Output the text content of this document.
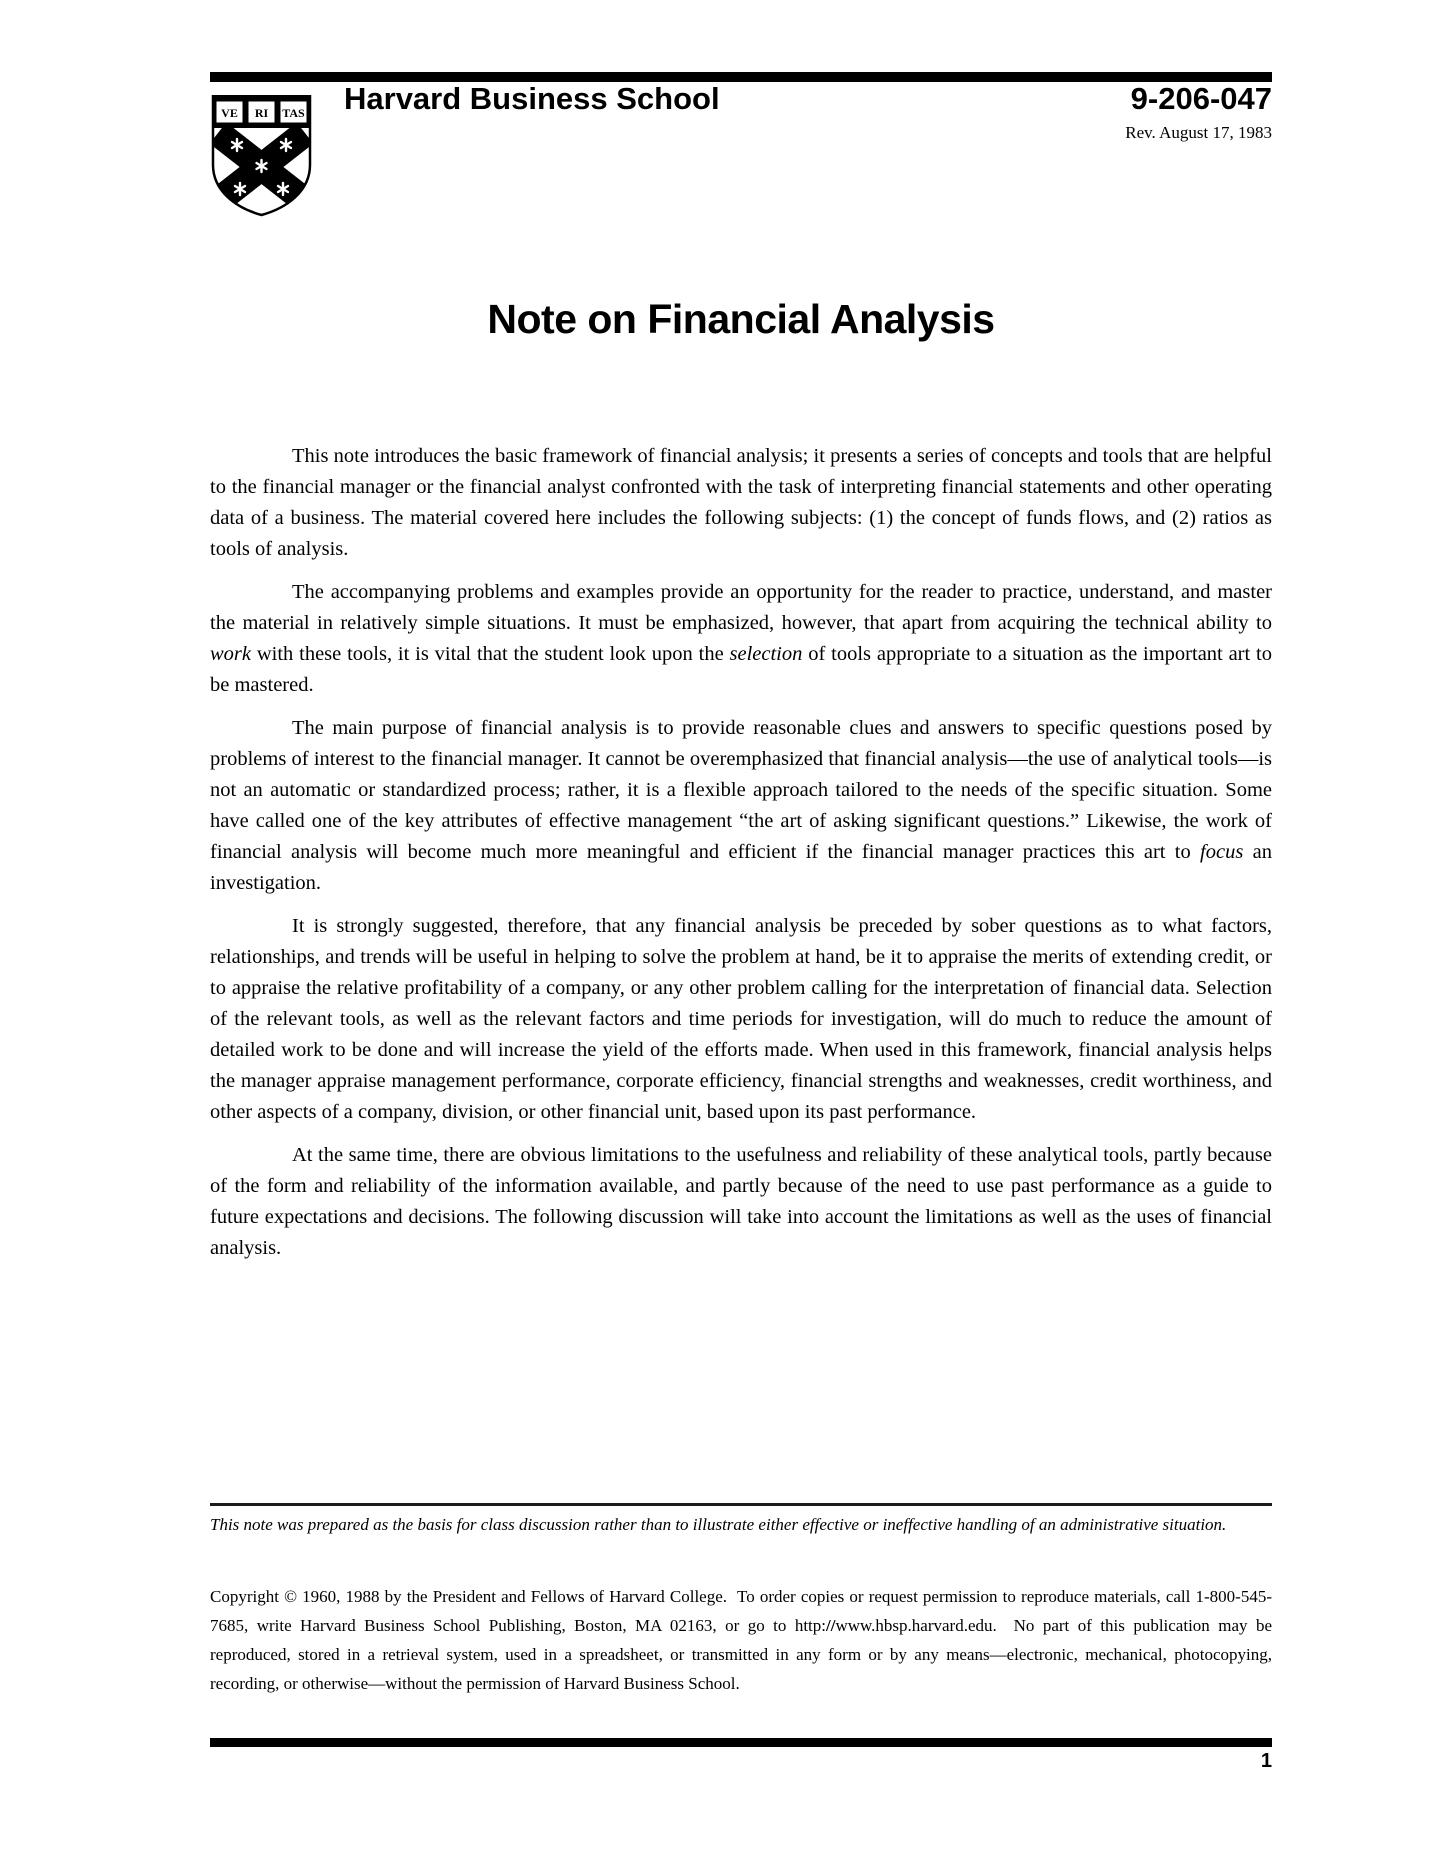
VE RI TAS Harvard Business School	9-206-047
Rev. August 17, 1983
Note on Financial Analysis

This note introduces the basic framework of financial analysis; it presents a series of concepts and tools that are helpful to the financial manager or the financial analyst confronted with the task of interpreting financial statements and other operating data of a business. The material covered here includes the following subjects: (1) the concept of funds flows, and (2) ratios as tools of analysis.

The accompanying problems and examples provide an opportunity for the reader to practice, understand, and master the material in relatively simple situations. It must be emphasized, however, that apart from acquiring the technical ability to work with these tools, it is vital that the student look upon the selection of tools appropriate to a situation as the important art to be mastered.

The main purpose of financial analysis is to provide reasonable clues and answers to specific questions posed by problems of interest to the financial manager. It cannot be overemphasized that financial analysis—the use of analytical tools—is not an automatic or standardized process; rather, it is a flexible approach tailored to the needs of the specific situation. Some have called one of the key attributes of effective management “the art of asking significant questions.” Likewise, the work of financial analysis will become much more meaningful and efficient if the financial manager practices this art to focus an investigation.

It is strongly suggested, therefore, that any financial analysis be preceded by sober questions as to what factors, relationships, and trends will be useful in helping to solve the problem at hand, be it to appraise the merits of extending credit, or to appraise the relative profitability of a company, or any other problem calling for the interpretation of financial data. Selection of the relevant tools, as well as the relevant factors and time periods for investigation, will do much to reduce the amount of detailed work to be done and will increase the yield of the efforts made. When used in this framework, financial analysis helps the manager appraise management performance, corporate efficiency, financial strengths and weaknesses, credit worthiness, and other aspects of a company, division, or other financial unit, based upon its past performance.

At the same time, there are obvious limitations to the usefulness and reliability of these analytical tools, partly because of the form and reliability of the information available, and partly because of the need to use past performance as a guide to future expectations and decisions. The following discussion will take into account the limitations as well as the uses of financial analysis.

This note was prepared as the basis for class discussion rather than to illustrate either effective or ineffective handling of an administrative situation.

Copyright © 1960, 1988 by the President and Fellows of Harvard College.  To order copies or request permission to reproduce materials, call 1-800-545-7685, write Harvard Business School Publishing, Boston, MA 02163, or go to http://www.hbsp.harvard.edu.  No part of this publication may be reproduced, stored in a retrieval system, used in a spreadsheet, or transmitted in any form or by any means—electronic, mechanical, photocopying, recording, or otherwise—without the permission of Harvard Business School.

1
